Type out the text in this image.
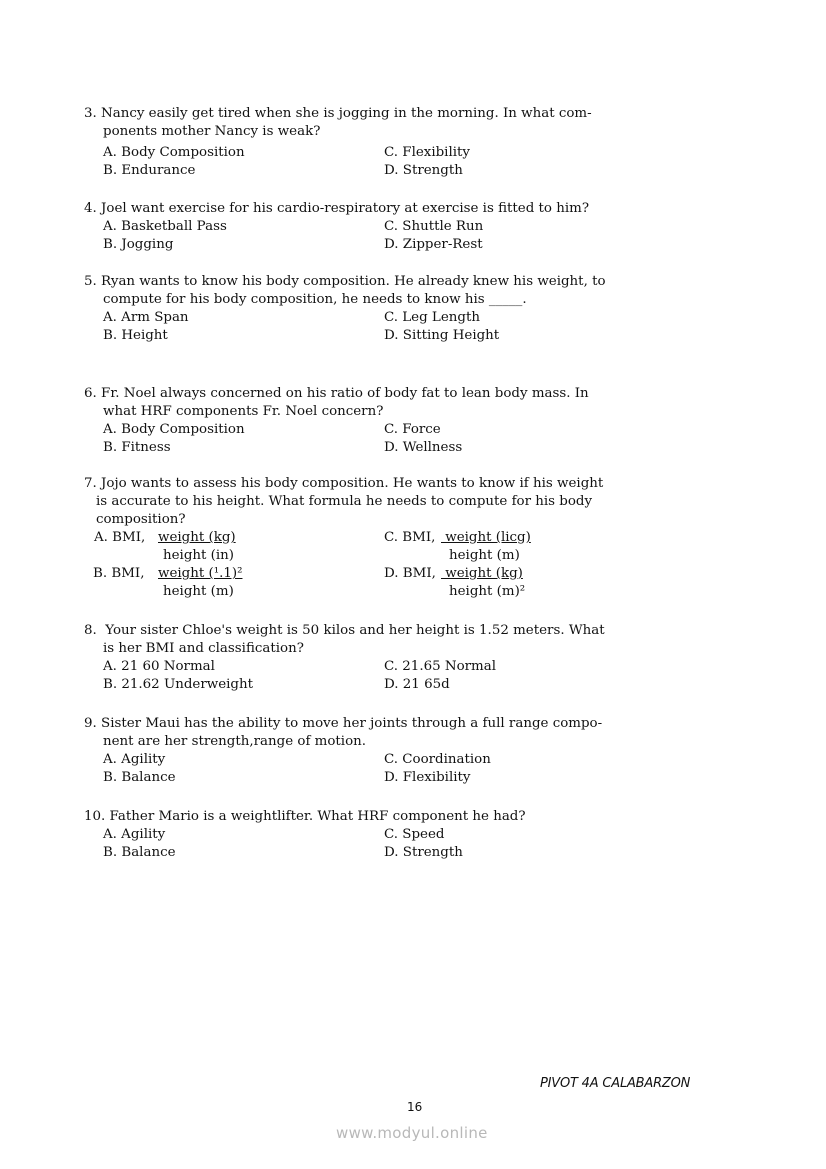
3. Nancy easily get tired when she is jogging in the morning. In what com-
ponents mother Nancy is weak?
A. Body Composition
B. Endurance
C. Flexibility
D. Strength
4. Joel want exercise for his cardio-respiratory at exercise is fitted to him?
A. Basketball Pass
B. Jogging
C. Shuttle Run
D. Zipper-Rest
5. Ryan wants to know his body composition. He already knew his weight, to
compute for his body composition, he needs to know his _____.
A. Arm Span
B. Height
C. Leg Length
D. Sitting Height
6. Fr. Noel always concerned on his ratio of body fat to lean body mass. In
what HRF components Fr. Noel concern?
A. Body Composition
B. Fitness
C. Force
D. Wellness
7. Jojo wants to assess his body composition. He wants to know if his weight
is accurate to his height. What formula he needs to compute for his body
composition?
A. BMI, weight (kg)
height (in)
B. BMI, weight (¹.1)²
height (m)
C. BMI, weight (licg)
height (m)
D. BMI, weight (kg)
height (m)²
8.  Your sister Chloe's weight is 50 kilos and her height is 1.52 meters. What
is her BMI and classification?
A. 21 60 Normal
B. 21.62 Underweight
C. 21.65 Normal
D. 21 65d
9. Sister Maui has the ability to move her joints through a full range compo-
nent are her strength,range of motion.
A. Agility
B. Balance
C. Coordination
D. Flexibility
10. Father Mario is a weightlifter. What HRF component he had?
A. Agility
B. Balance
C. Speed
D. Strength
PIVOT 4A CALABARZON
16
www.modyul.online
